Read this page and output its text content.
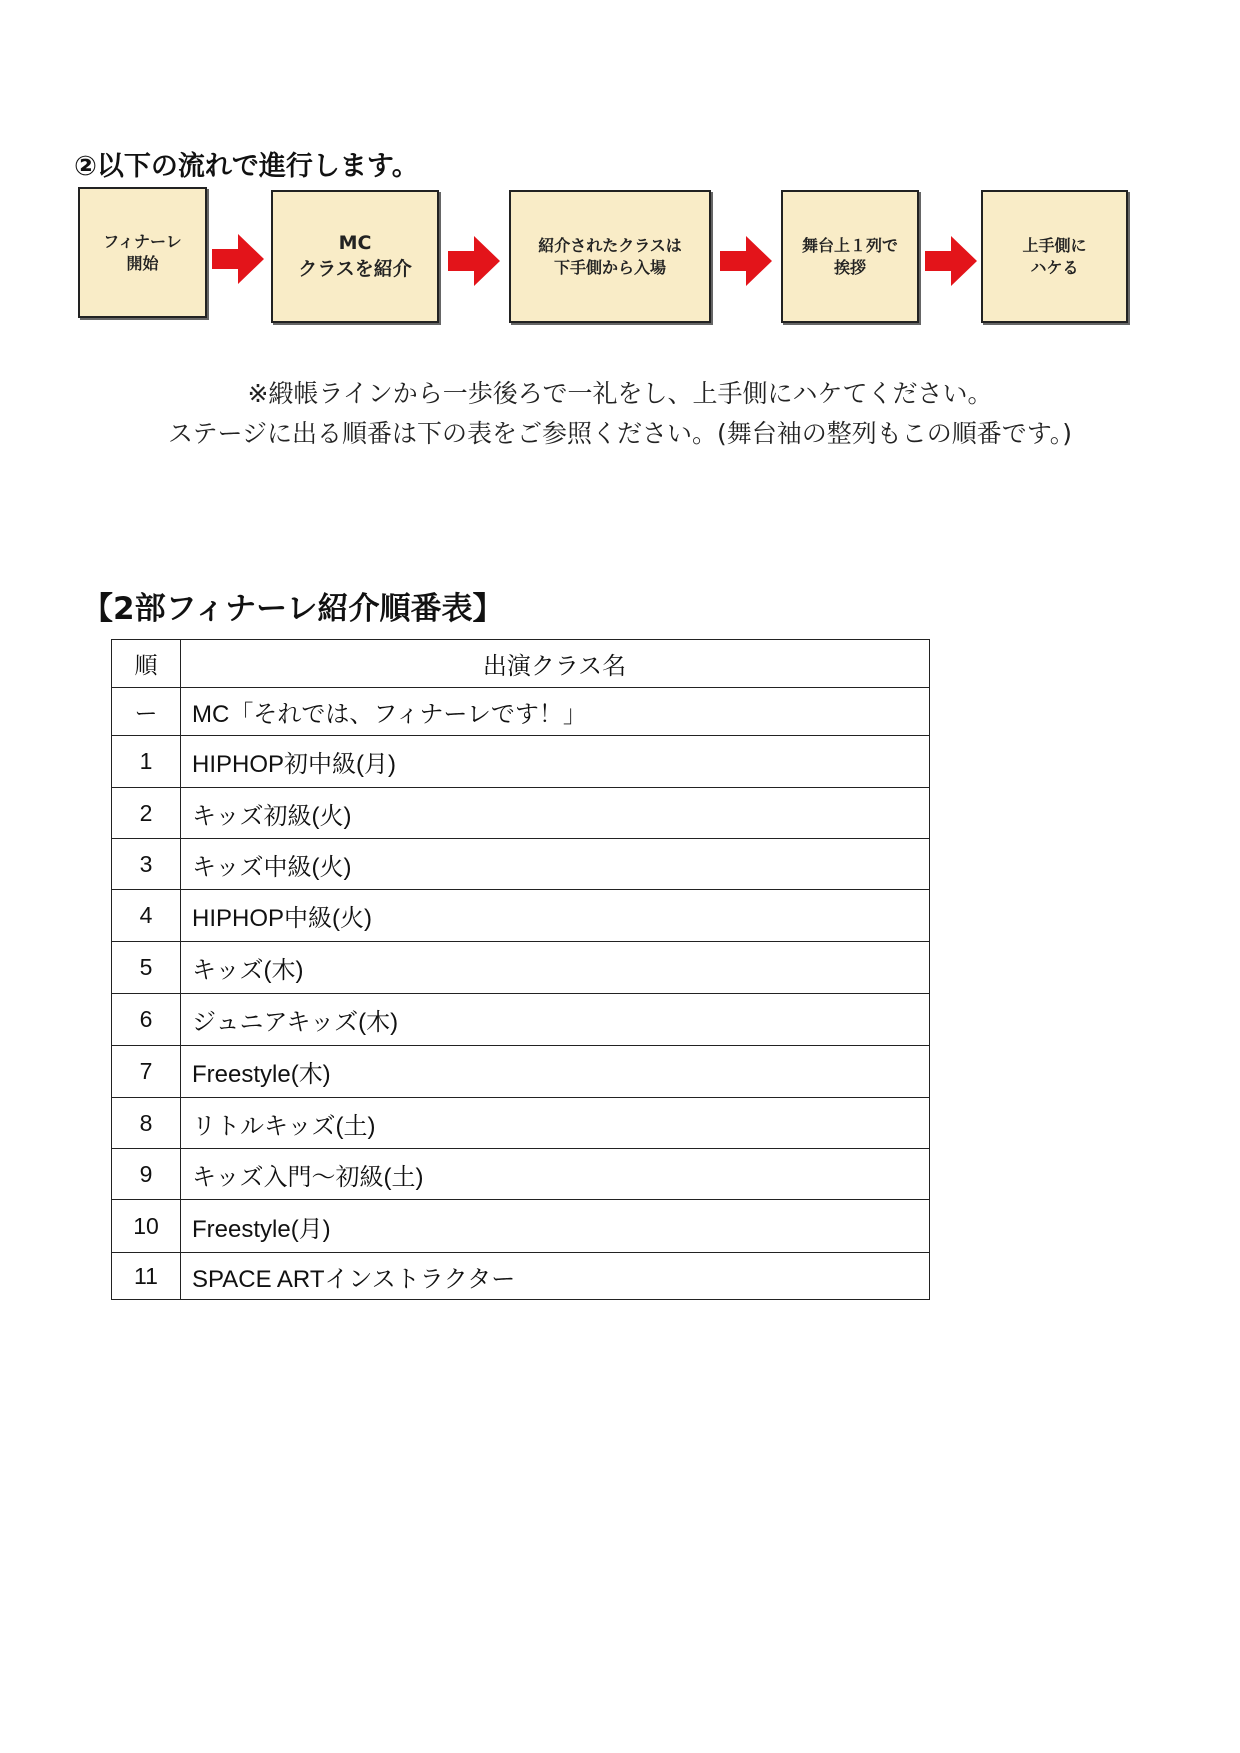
②以下の流れで進行します。
フィナーレ
開始
MC
クラスを紹介
紹介されたクラスは
下手側から入場
舞台上１列で
挨拶
上手側に
ハケる

※緞帳ラインから一歩後ろで一礼をし、上手側にハケてください。

ステージに出る順番は下の表をご参照ください。(舞台袖の整列もこの順番です。)

【2部フィナーレ紹介順番表】
順	出演クラス名
ー	MC「それでは、フィナーレです！」
1	HIPHOP初中級(月)
2	キッズ初級(火)
3	キッズ中級(火)
4	HIPHOP中級(火)
5	キッズ(木)
6	ジュニアキッズ(木)
7	Freestyle(木)
8	リトルキッズ(土)
9	キッズ入門〜初級(土)
10	Freestyle(月)
11	SPACE ARTインストラクター
